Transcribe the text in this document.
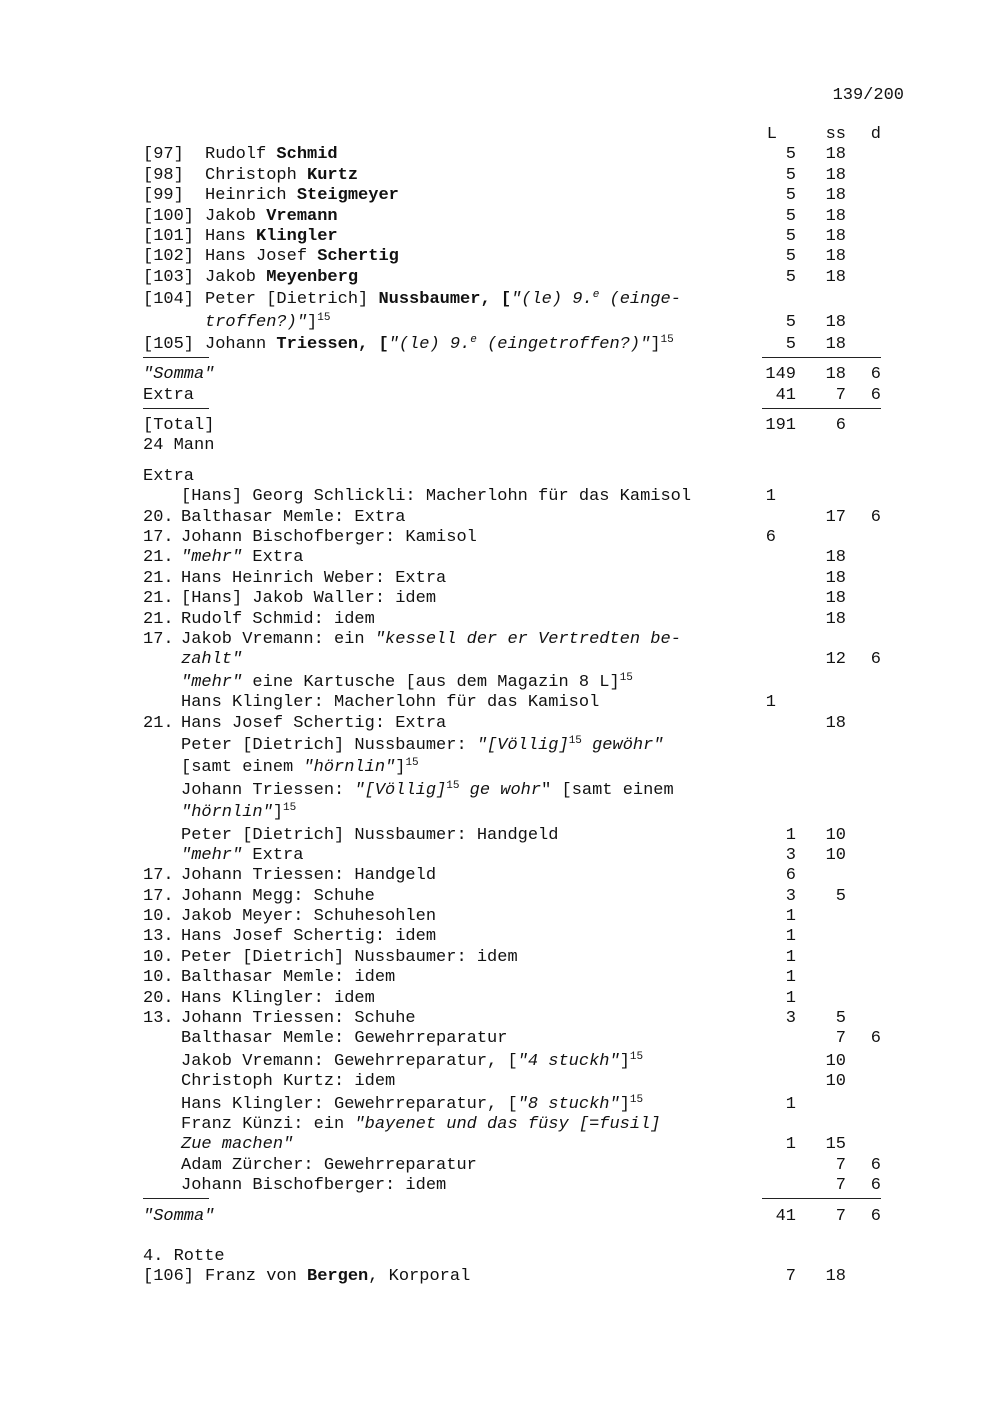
139/200
L	ss	d
[97] Rudolf Schmid	5	18
[98] Christoph Kurtz	5	18
[99] Heinrich Steigmeyer	5	18
[100] Jakob Vremann	5	18
[101] Hans Klingler	5	18
[102] Hans Josef Schertig	5	18
[103] Jakob Meyenberg	5	18
[104] Peter [Dietrich] Nussbaumer, ["(le) 9.$^e$ (einge-
troffen?)"]$^{15}$	5	18
[105] Johann Triessen, ["(le) 9.$^e$ (eingetroffen?)"]$^{15}$	5	18
"Somma"	149	18	6
Extra	41	7	6
[Total]	191	6
24 Mann
Extra
[Hans] Georg Schlickli: Macherlohn für das Kamisol	1
20. Balthasar Memle: Extra	17	6
17. Johann Bischofberger: Kamisol	6
21. "mehr" Extra	18
21. Hans Heinrich Weber: Extra	18
21. [Hans] Jakob Waller: idem	18
21. Rudolf Schmid: idem	18
17. Jakob Vremann: ein "kessell der er Vertredten be-
zahlt"	12	6
"mehr" eine Kartusche [aus dem Magazin 8 L]$^{15}$
Hans Klingler: Macherlohn für das Kamisol	1
21. Hans Josef Schertig: Extra	18
Peter [Dietrich] Nussbaumer: "[Völlig]$^{15}$ gewöhr"
[samt einem "hörnlin"]$^{15}$
Johann Triessen: "[Völlig]$^{15}$ ge wohr" [samt einem
"hörnlin"]$^{15}$
Peter [Dietrich] Nussbaumer: Handgeld	1	10
"mehr" Extra	3	10
17. Johann Triessen: Handgeld	6
17. Johann Megg: Schuhe	3	5
10. Jakob Meyer: Schuhesohlen	1
13. Hans Josef Schertig: idem	1
10. Peter [Dietrich] Nussbaumer: idem	1
10. Balthasar Memle: idem	1
20. Hans Klingler: idem	1
13. Johann Triessen: Schuhe	3	5
Balthasar Memle: Gewehrreparatur	7	6
Jakob Vremann: Gewehrreparatur, ["4 stuckh"]$^{15}$	10
Christoph Kurtz: idem	10
Hans Klingler: Gewehrreparatur, ["8 stuckh"]$^{15}$	1
Franz Künzi: ein "bayenet und das füsy [=fusil]
Zue machen"	1	15
Adam Zürcher: Gewehrreparatur	7	6
Johann Bischofberger: idem	7	6
"Somma"	41	7	6
4. Rotte
[106] Franz von Bergen, Korporal	7	18
